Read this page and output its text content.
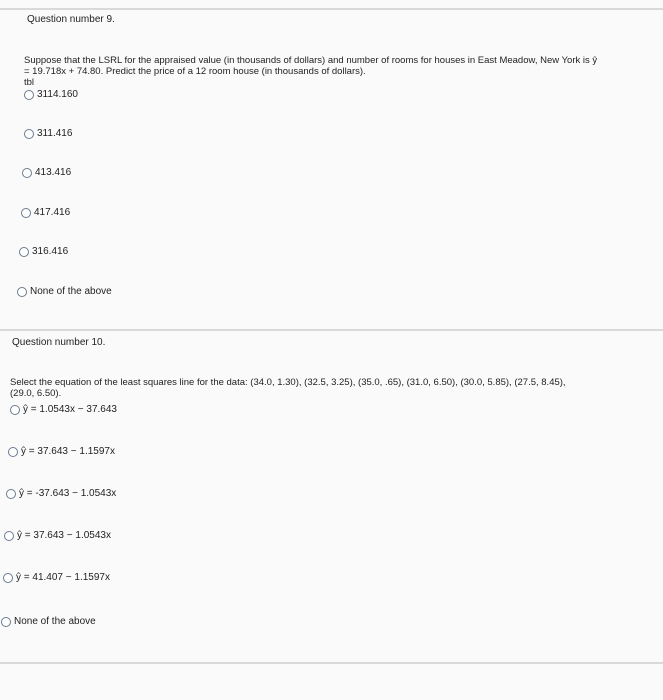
Question number 9.
Suppose that the LSRL for the appraised value (in thousands of dollars) and number of rooms for houses in East Meadow, New York is ŷ
= 19.718x + 74.80. Predict the price of a 12 room house (in thousands of dollars).
tbl
3114.160
311.416
413.416
417.416
316.416
None of the above
Question number 10.
Select the equation of the least squares line for the data: (34.0, 1.30), (32.5, 3.25), (35.0, .65), (31.0, 6.50), (30.0, 5.85), (27.5, 8.45),
(29.0, 6.50).
ŷ = 1.0543x − 37.643
ŷ = 37.643 − 1.1597x
ŷ = -37.643 − 1.0543x
ŷ = 37.643 − 1.0543x
ŷ = 41.407 − 1.1597x
None of the above
